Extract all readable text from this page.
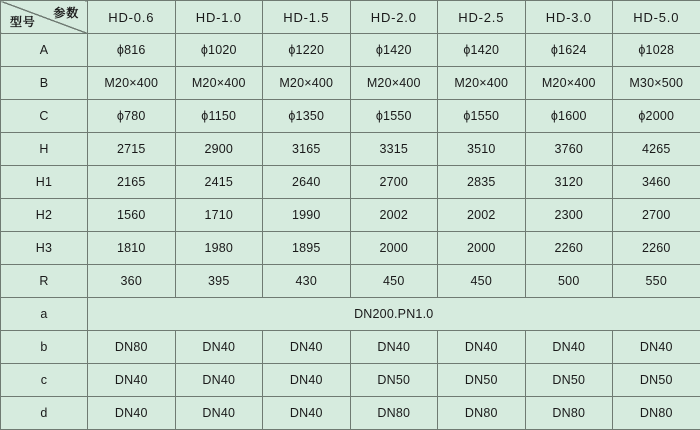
参数
型号	HD-0.6	HD-1.0	HD-1.5	HD-2.0	HD-2.5	HD-3.0	HD-5.0
A	ϕ816	ϕ1020	ϕ1220	ϕ1420	ϕ1420	ϕ1624	ϕ1028
B	M20×400	M20×400	M20×400	M20×400	M20×400	M20×400	M30×500
C	ϕ780	ϕ1150	ϕ1350	ϕ1550	ϕ1550	ϕ1600	ϕ2000
H	2715	2900	3165	3315	3510	3760	4265
H1	2165	2415	2640	2700	2835	3120	3460
H2	1560	1710	1990	2002	2002	2300	2700
H3	1810	1980	1895	2000	2000	2260	2260
R	360	395	430	450	450	500	550
a	DN200.PN1.0						
b	DN80	DN40	DN40	DN40	DN40	DN40	DN40
c	DN40	DN40	DN40	DN50	DN50	DN50	DN50
d	DN40	DN40	DN40	DN80	DN80	DN80	DN80
